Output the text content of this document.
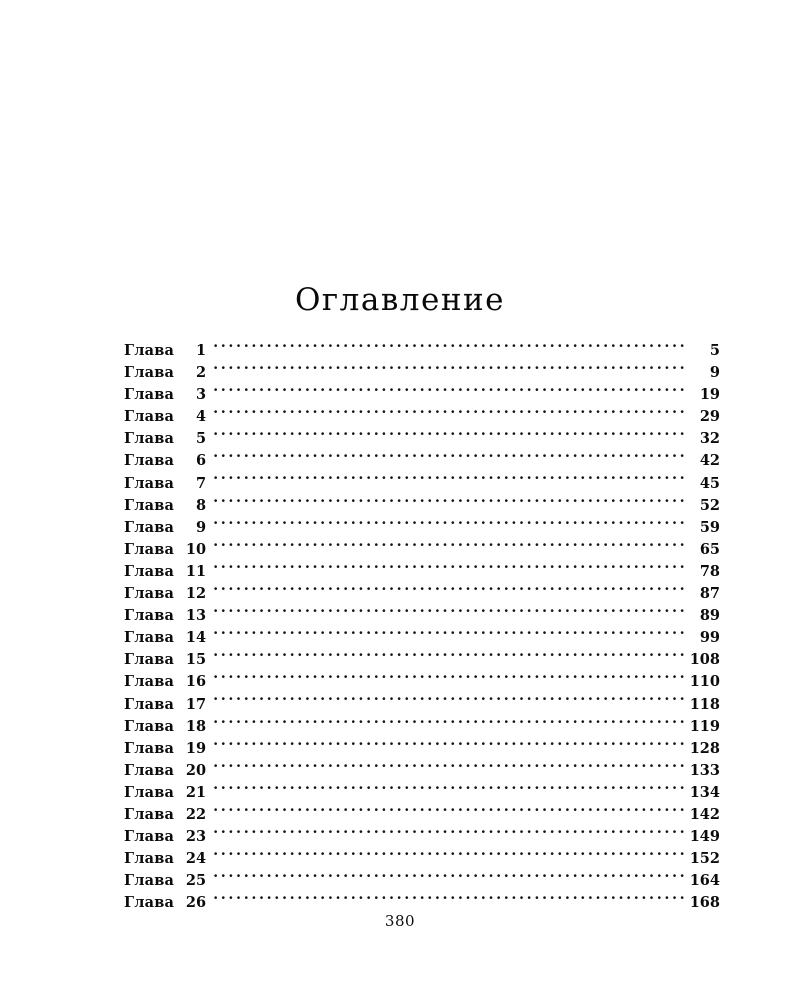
Оглавление
Глава	1 .....	5
Глава	2 .....	9
Глава	3 .....	19
Глава	4 .....	29
Глава	5 .....	32
Глава	6 .....	42
Глава	7 .....	45
Глава	8 .....	52
Глава	9 .....	59
Глава 10 .....	65
Глава 11 .....	78
Глава 12 .....	87
Глава 13 .....	89
Глава 14 .....	99
Глава 15 .....	108
Глава 16 .....	110
Глава 17 .....	118
Глава 18 .....	119
Глава 19 .....	128
Глава 20 .....	133
Глава 21 .....	134
Глава 22 .....	142
Глава 23 .....	149
Глава 24 .....	152
Глава 25 .....	164
Глава 26 .....	168
380
